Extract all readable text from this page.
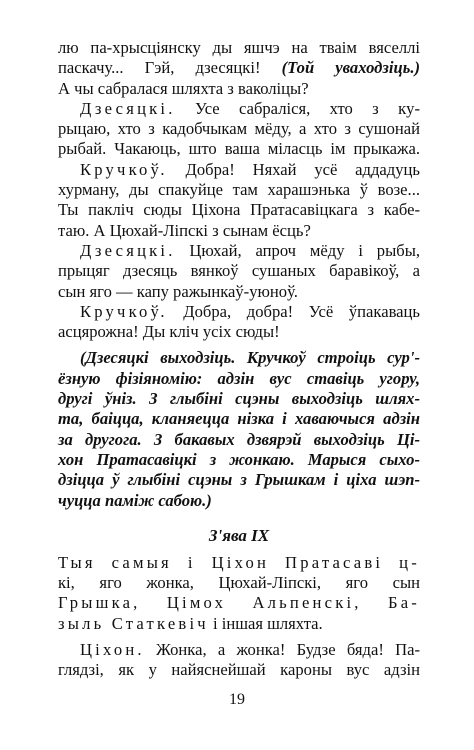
лю па-хрысціянску ды яшчэ на тваім вяселлі
паскачу... Гэй, дзесяцкі! (Той уваходзіць.)
А чы сабралася шляхта з ваколіцы?
Дзесяцкі. Усе сабраліся, хто з кy-
рыцаю, хто з кадобчыкам мёду, а хто з сушонай
рыбай. Чакаюць, што ваша міласць ім прыкажа.
Кручкоў. Добра! Няхай усё аддадуць
хурману, ды спакуйце там харашэнька ў возе...
Ты пакліч сюды Ціхона Пратасавіцкага з кабе-
таю. А Цюхай-Лiпскі з сынам ёсць?
Дзесяцкі. Цюхай, апроч мёду і рыбы,
прыцяг дзесяць вянкоў сушаных баравікоў, а
сын яго — капу ражынкаў-уюноў.
Кручкоў. Добра, добра! Усё ўпакаваць
асцярожна! Ды кліч усіх сюды!
(Дзесяцкі выходзіць. Кручкоў строіць сур'-
ёзную фізіяномію: адзін вус ставіць угору,
другі ўніз. З глыбіні сцэны выходзіць шлях-
та, баіцца, кланяецца нізка і хаваючыся адзін
за другога. З бакавых дзвярэй выходзіць Ці-
хон Пратасавіцкі з жонкаю. Марыся сыхо-
дзіцца ў глыбіні сцэны з Грышкам і ціха шэп-
чуцца паміж сабою.)
З'ява IX
Тыя самыя і Ціхон Пратасаві ц-
кі, яго жонка, Цюхай-Лiпскі, яго сын
Грышка, Цімох Альпенскі, Ба-
зыль Статкевіч і іншая шляхта.
Ціхон. Жонка, а жонка! Будзе бяда! Па-
глядзі, як у найяснейшай кароны вус адзін
19
